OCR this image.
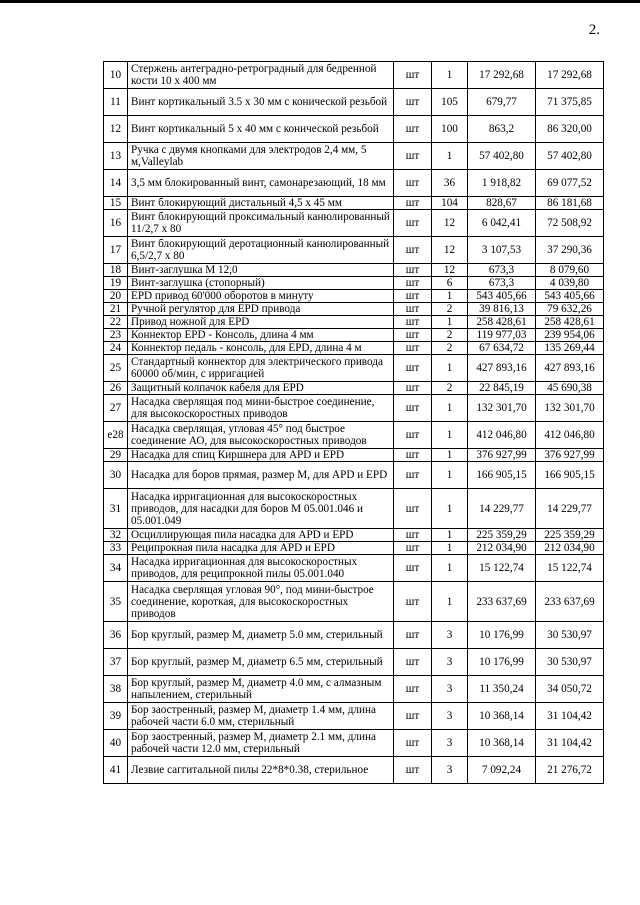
2.
10	Стержень антеградно-ретроградный для бедренной кости 10 х 400 мм	шт	1	17 292,68	17 292,68
11	Винт кортикальный 3.5 х 30 мм с конической резьбой	шт	105	679,77	71 375,85
12	Винт кортикальный 5 х 40 мм с конической резьбой	шт	100	863,2	86 320,00
13	Ручка с двумя кнопками для электродов 2,4 мм, 5 м,Valleylab	шт	1	57 402,80	57 402,80
14	3,5 мм блокированный винт, самонарезающий, 18 мм	шт	36	1 918,82	69 077,52
15	Винт блокирующий дистальный 4,5 х 45 мм	шт	104	828,67	86 181,68
16	Винт блокирующий проксимальный канюлированный 11/2,7 х 80	шт	12	6 042,41	72 508,92
17	Винт блокирующий деротационный канюлированный 6,5/2,7 х 80	шт	12	3 107,53	37 290,36
18	Винт-заглушка М 12,0	шт	12	673,3	8 079,60
19	Винт-заглушка (стопорный)	шт	6	673,3	4 039,80
20	EPD привод 60'000 оборотов в минуту	шт	1	543 405,66	543 405,66
21	Ручной регулятор для EPD привода	шт	2	39 816,13	79 632,26
22	Привод ножной для EPD	шт	1	258 428,61	258 428,61
23	Коннектор EPD - Консоль, длина 4 мм	шт	2	119 977,03	239 954,06
24	Коннектор педаль - консоль, для EPD, длина 4 м	шт	2	67 634,72	135 269,44
25	Стандартный коннектор для электрического привода 60000 об/мин, с ирригацией	шт	1	427 893,16	427 893,16
26	Защитный колпачок кабеля для EPD	шт	2	22 845,19	45 690,38
27	Насадка сверлящая под мини-быстрое соединение, для высокоскоростных приводов	шт	1	132 301,70	132 301,70
e28	Насадка сверлящая, угловая 45° под быстрое соединение АО, для высокоскоростных приводов	шт	1	412 046,80	412 046,80
29	Насадка для спиц Киршнера для APD и EPD	шт	1	376 927,99	376 927,99
30	Насадка для боров прямая, размер М, для APD и EPD	шт	1	166 905,15	166 905,15
31	Насадка ирригационная для высокоскоростных приводов, для насадки для боров М 05.001.046 и 05.001.049	шт	1	14 229,77	14 229,77
32	Осциллирующая пила насадка для APD и EPD	шт	1	225 359,29	225 359,29
33	Реципрокная пила насадка для APD и EPD	шт	1	212 034,90	212 034,90
34	Насадка ирригационная для высокоскоростных приводов, для реципрокной пилы 05.001.040	шт	1	15 122,74	15 122,74
35	Насадка сверлящая угловая 90°, под мини-быстрое соединение, короткая, для высокоскоростных приводов	шт	1	233 637,69	233 637,69
36	Бор круглый, размер М, диаметр 5.0 мм, стерильный	шт	3	10 176,99	30 530,97
37	Бор круглый, размер М, диаметр 6.5 мм, стерильный	шт	3	10 176,99	30 530,97
38	Бор круглый, размер М, диаметр 4.0 мм, с алмазным напылением, стерильный	шт	3	11 350,24	34 050,72
39	Бор заостренный, размер М, диаметр 1.4 мм, длина рабочей части 6.0 мм, стерильный	шт	3	10 368,14	31 104,42
40	Бор заостренный, размер М, диаметр 2.1 мм, длина рабочей части 12.0 мм, стерильный	шт	3	10 368,14	31 104,42
41	Лезвие саггитальной пилы 22*8*0.38, стерильное	шт	3	7 092,24	21 276,72
